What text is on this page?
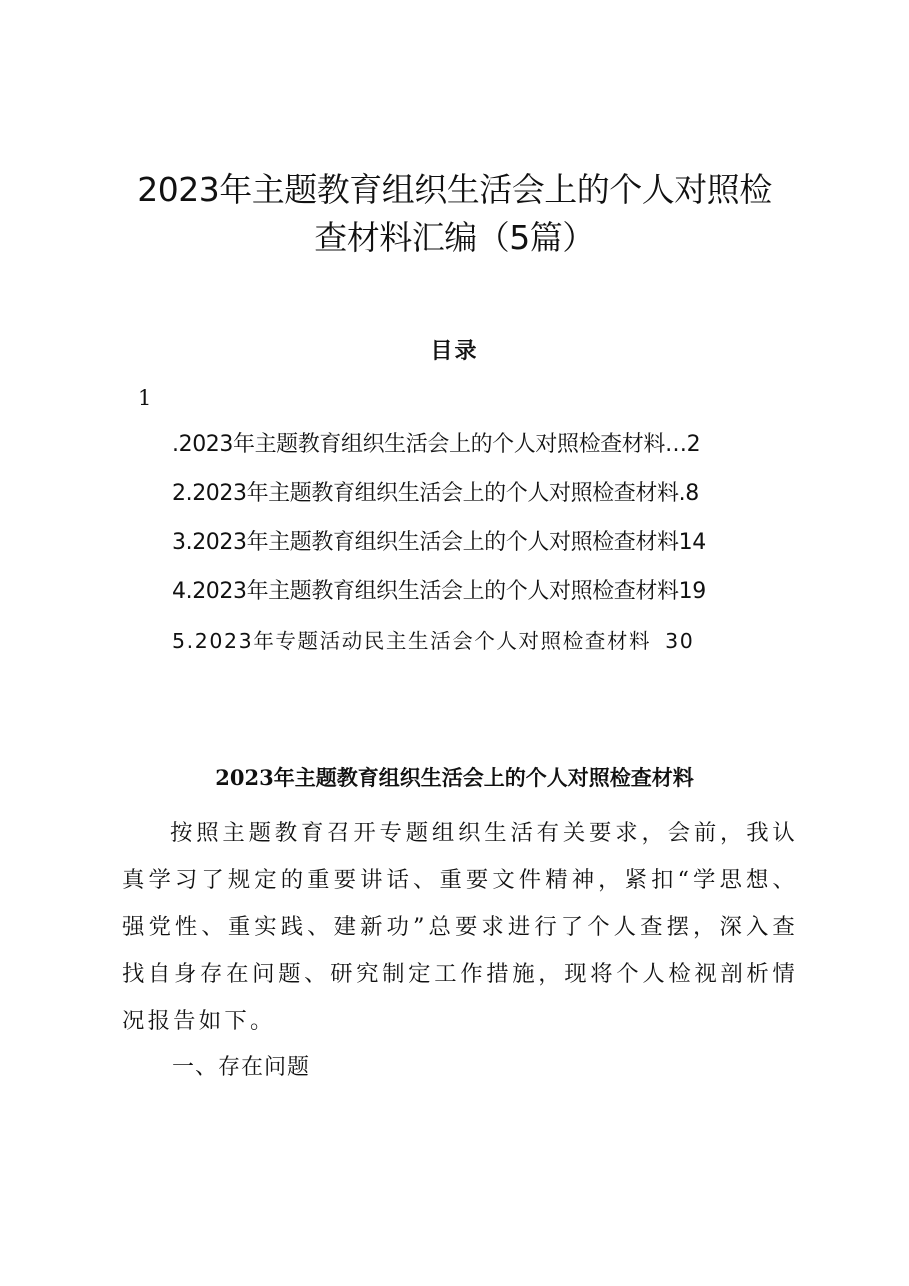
2023年主题教育组织生活会上的个人对照检
查材料汇编（5篇）
目录
1
.2023年主题教育组织生活会上的个人对照检查材料…2
2.2023年主题教育组织生活会上的个人对照检查材料.8
3.2023年主题教育组织生活会上的个人对照检查材料14
4.2023年主题教育组织生活会上的个人对照检查材料19
5.2023年专题活动民主生活会个人对照检查材料 30
2023年主题教育组织生活会上的个人对照检查材料

按照主题教育召开专题组织生活有关要求，会前，我认真学习了规定的重要讲话、重要文件精神，紧扣“学思想、强党性、重实践、建新功”总要求进行了个人查摆，深入查找自身存在问题、研究制定工作措施，现将个人检视剖析情况报告如下。

一、存在问题
